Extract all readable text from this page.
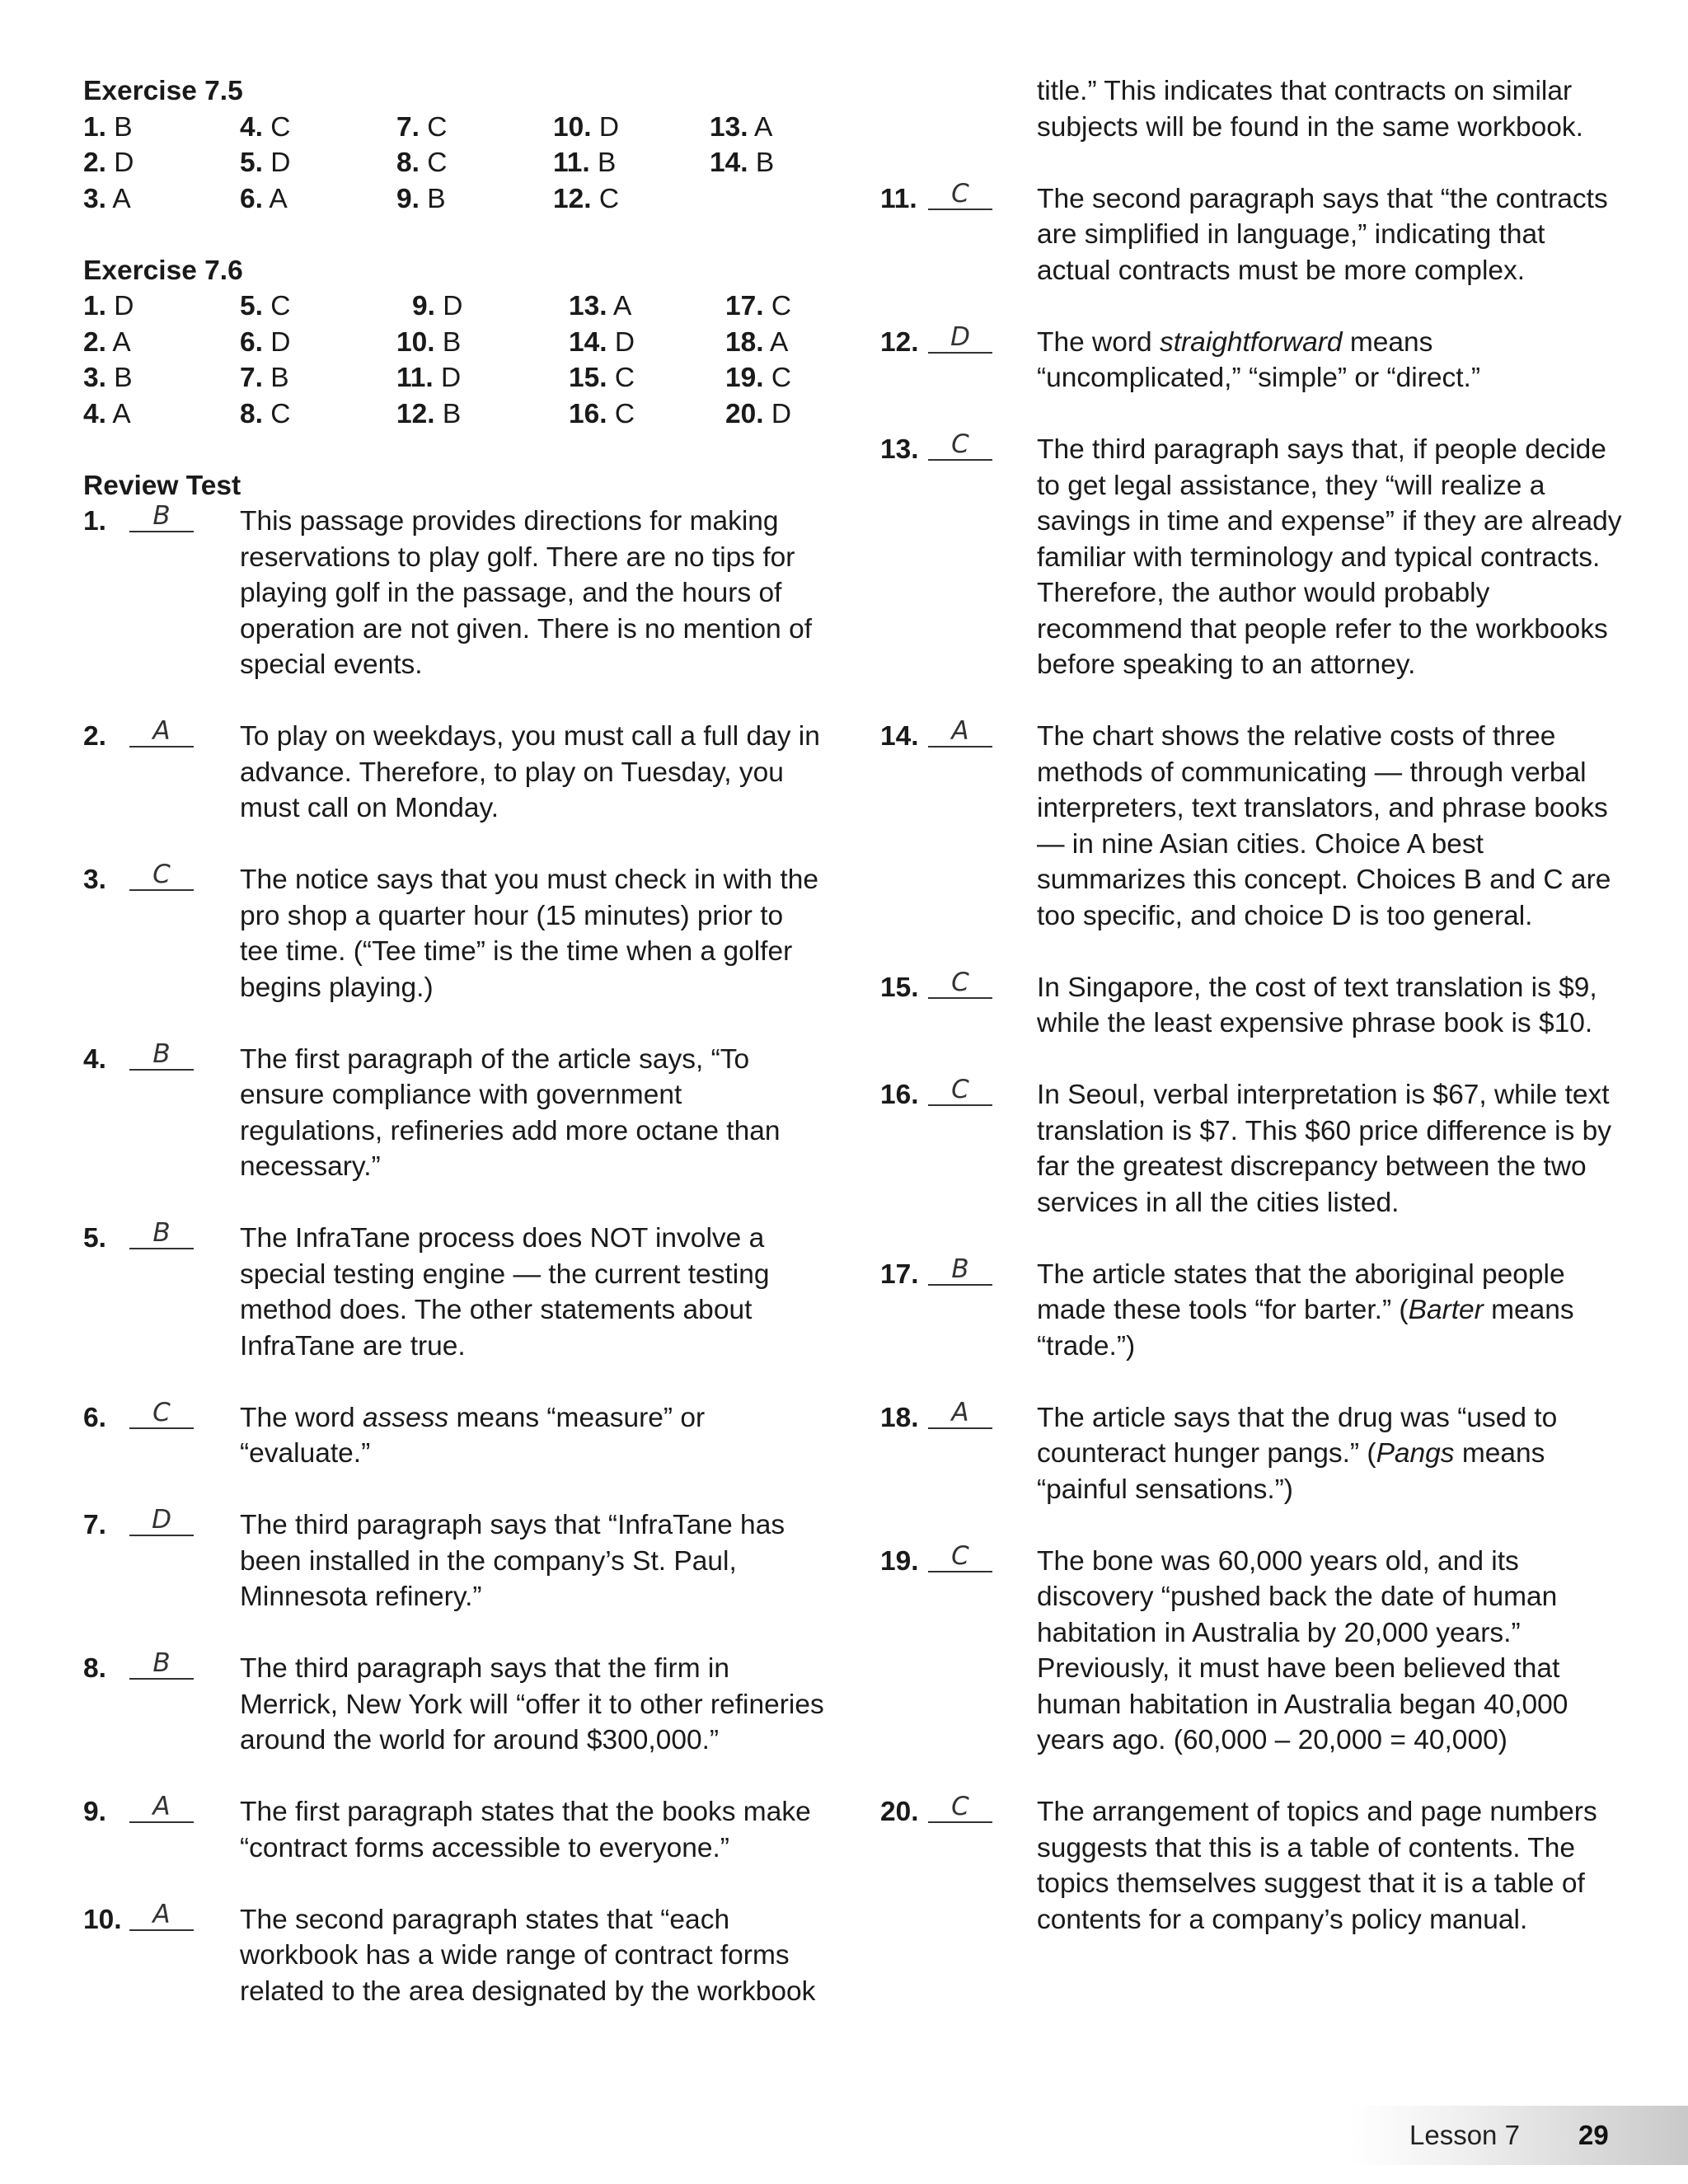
Exercise 7.5

1. B	4. C	7. C	10. D	13. A
2. D	5. D	8. C	11. B	14. B
3. A	6. A	9. B	12. C	

Exercise 7.6

1. D	5. C	9. D	13. A	17. C
2. A	6. D	10. B	14. D	18. A
3. B	7. B	11. D	15. C	19. C
4. A	8. C	12. B	16. C	20. D

Review Test

1.	B	This passage provides directions for making reservations to play golf. There are no tips for playing golf in the passage, and the hours of operation are not given. There is no mention of special events.
2.	A	To play on weekdays, you must call a full day in advance. Therefore, to play on Tuesday, you must call on Monday.
3.	C	The notice says that you must check in with the pro shop a quarter hour (15 minutes) prior to tee time. (“Tee time” is the time when a golfer begins playing.)
4.	B	The first paragraph of the article says, “To ensure compliance with government regulations, refineries add more octane than necessary.”
5.	B	The InfraTane process does NOT involve a special testing engine — the current testing method does. The other statements about InfraTane are true.
6.	C	The word assess means “measure” or “evaluate.”
7.	D	The third paragraph says that “InfraTane has been installed in the company’s St. Paul, Minnesota refinery.”
8.	B	The third paragraph says that the firm in Merrick, New York will “offer it to other refineries around the world for around $300,000.”
9.	A	The first paragraph states that the books make “contract forms accessible to everyone.”
10.	A	The second paragraph states that “each workbook has a wide range of contract forms related to the area designated by the workbook
title.” This indicates that contracts on similar subjects will be found in the same workbook.
11.	C	The second paragraph says that “the contracts are simplified in language,” indicating that actual contracts must be more complex.
12.	D	The word straightforward means “uncomplicated,” “simple” or “direct.”
13.	C	The third paragraph says that, if people decide to get legal assistance, they “will realize a savings in time and expense” if they are already familiar with terminology and typical contracts. Therefore, the author would probably recommend that people refer to the workbooks before speaking to an attorney.
14.	A	The chart shows the relative costs of three methods of communicating — through verbal interpreters, text translators, and phrase books — in nine Asian cities. Choice A best summarizes this concept. Choices B and C are too specific, and choice D is too general.
15.	C	In Singapore, the cost of text translation is $9, while the least expensive phrase book is $10.
16.	C	In Seoul, verbal interpretation is $67, while text translation is $7. This $60 price difference is by far the greatest discrepancy between the two services in all the cities listed.
17.	B	The article states that the aboriginal people made these tools “for barter.” (Barter means “trade.”)
18.	A	The article says that the drug was “used to counteract hunger pangs.” (Pangs means “painful sensations.”)
19.	C	The bone was 60,000 years old, and its discovery “pushed back the date of human habitation in Australia by 20,000 years.” Previously, it must have been believed that human habitation in Australia began 40,000 years ago. (60,000 – 20,000 = 40,000)
20.	C	The arrangement of topics and page numbers suggests that this is a table of contents. The topics themselves suggest that it is a table of contents for a company’s policy manual.
Lesson 7 29
